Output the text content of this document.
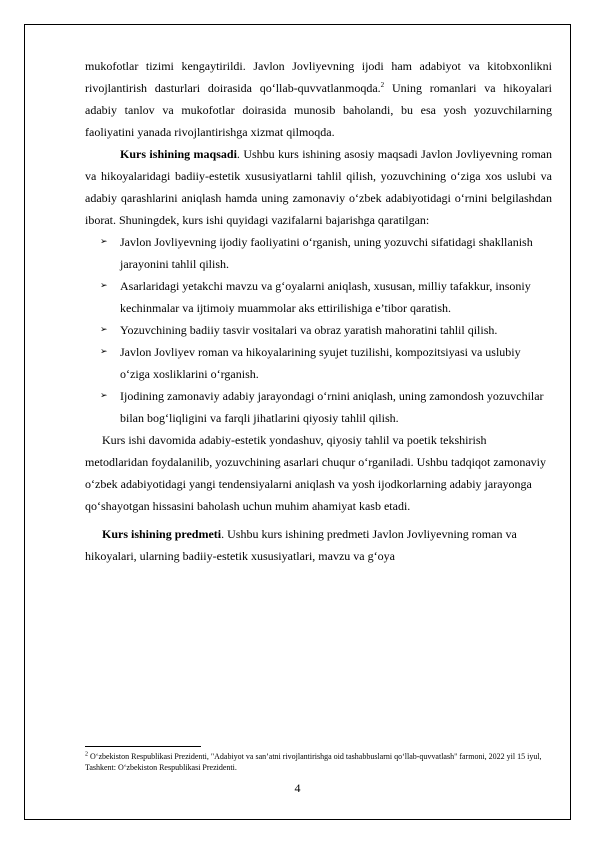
mukofotlar tizimi kengaytirildi. Javlon Jovliyevning ijodi ham adabiyot va kitobxonlikni rivojlantirish dasturlari doirasida qo‘llab-quvvatlanmoqda.$^2$ Uning romanlari va hikoyalari adabiy tanlov va mukofotlar doirasida munosib baholandi, bu esa yosh yozuvchilarning faoliyatini yanada rivojlantirishga xizmat qilmoqda.

Kurs ishining maqsadi. Ushbu kurs ishining asosiy maqsadi Javlon Jovliyevning roman va hikoyalaridagi badiiy-estetik xususiyatlarni tahlil qilish, yozuvchining o‘ziga xos uslubi va adabiy qarashlarini aniqlash hamda uning zamonaviy o‘zbek adabiyotidagi o‘rnini belgilashdan iborat. Shuningdek, kurs ishi quyidagi vazifalarni bajarishga qaratilgan:

➢ Javlon Jovliyevning ijodiy faoliyatini o‘rganish, uning yozuvchi sifatidagi shakllanish jarayonini tahlil qilish.
➢ Asarlaridagi yetakchi mavzu va g‘oyalarni aniqlash, xususan, milliy tafakkur, insoniy kechinmalar va ijtimoiy muammolar aks ettirilishiga e’tibor qaratish.
➢ Yozuvchining badiiy tasvir vositalari va obraz yaratish mahoratini tahlil qilish.
➢ Javlon Jovliyev roman va hikoyalarining syujet tuzilishi, kompozitsiyasi va uslubiy o‘ziga xosliklarini o‘rganish.
➢ Ijodining zamonaviy adabiy jarayondagi o‘rnini aniqlash, uning zamondosh yozuvchilar bilan bog‘liqligini va farqli jihatlarini qiyosiy tahlil qilish.

Kurs ishi davomida adabiy-estetik yondashuv, qiyosiy tahlil va poetik tekshirish metodlaridan foydalanilib, yozuvchining asarlari chuqur o‘rganiladi. Ushbu tadqiqot zamonaviy o‘zbek adabiyotidagi yangi tendensiyalarni aniqlash va yosh ijodkorlarning adabiy jarayonga qo‘shayotgan hissasini baholash uchun muhim ahamiyat kasb etadi.

Kurs ishining predmeti. Ushbu kurs ishining predmeti Javlon Jovliyevning roman va hikoyalari, ularning badiiy-estetik xususiyatlari, mavzu va g‘oya

$^2$ O‘zbekiston Respublikasi Prezidenti, "Adabiyot va san’atni rivojlantirishga oid tashabbuslarni qo‘llab-quvvatlash" farmoni, 2022 yil 15 iyul, Tashkent: O‘zbekiston Respublikasi Prezidenti.
4
